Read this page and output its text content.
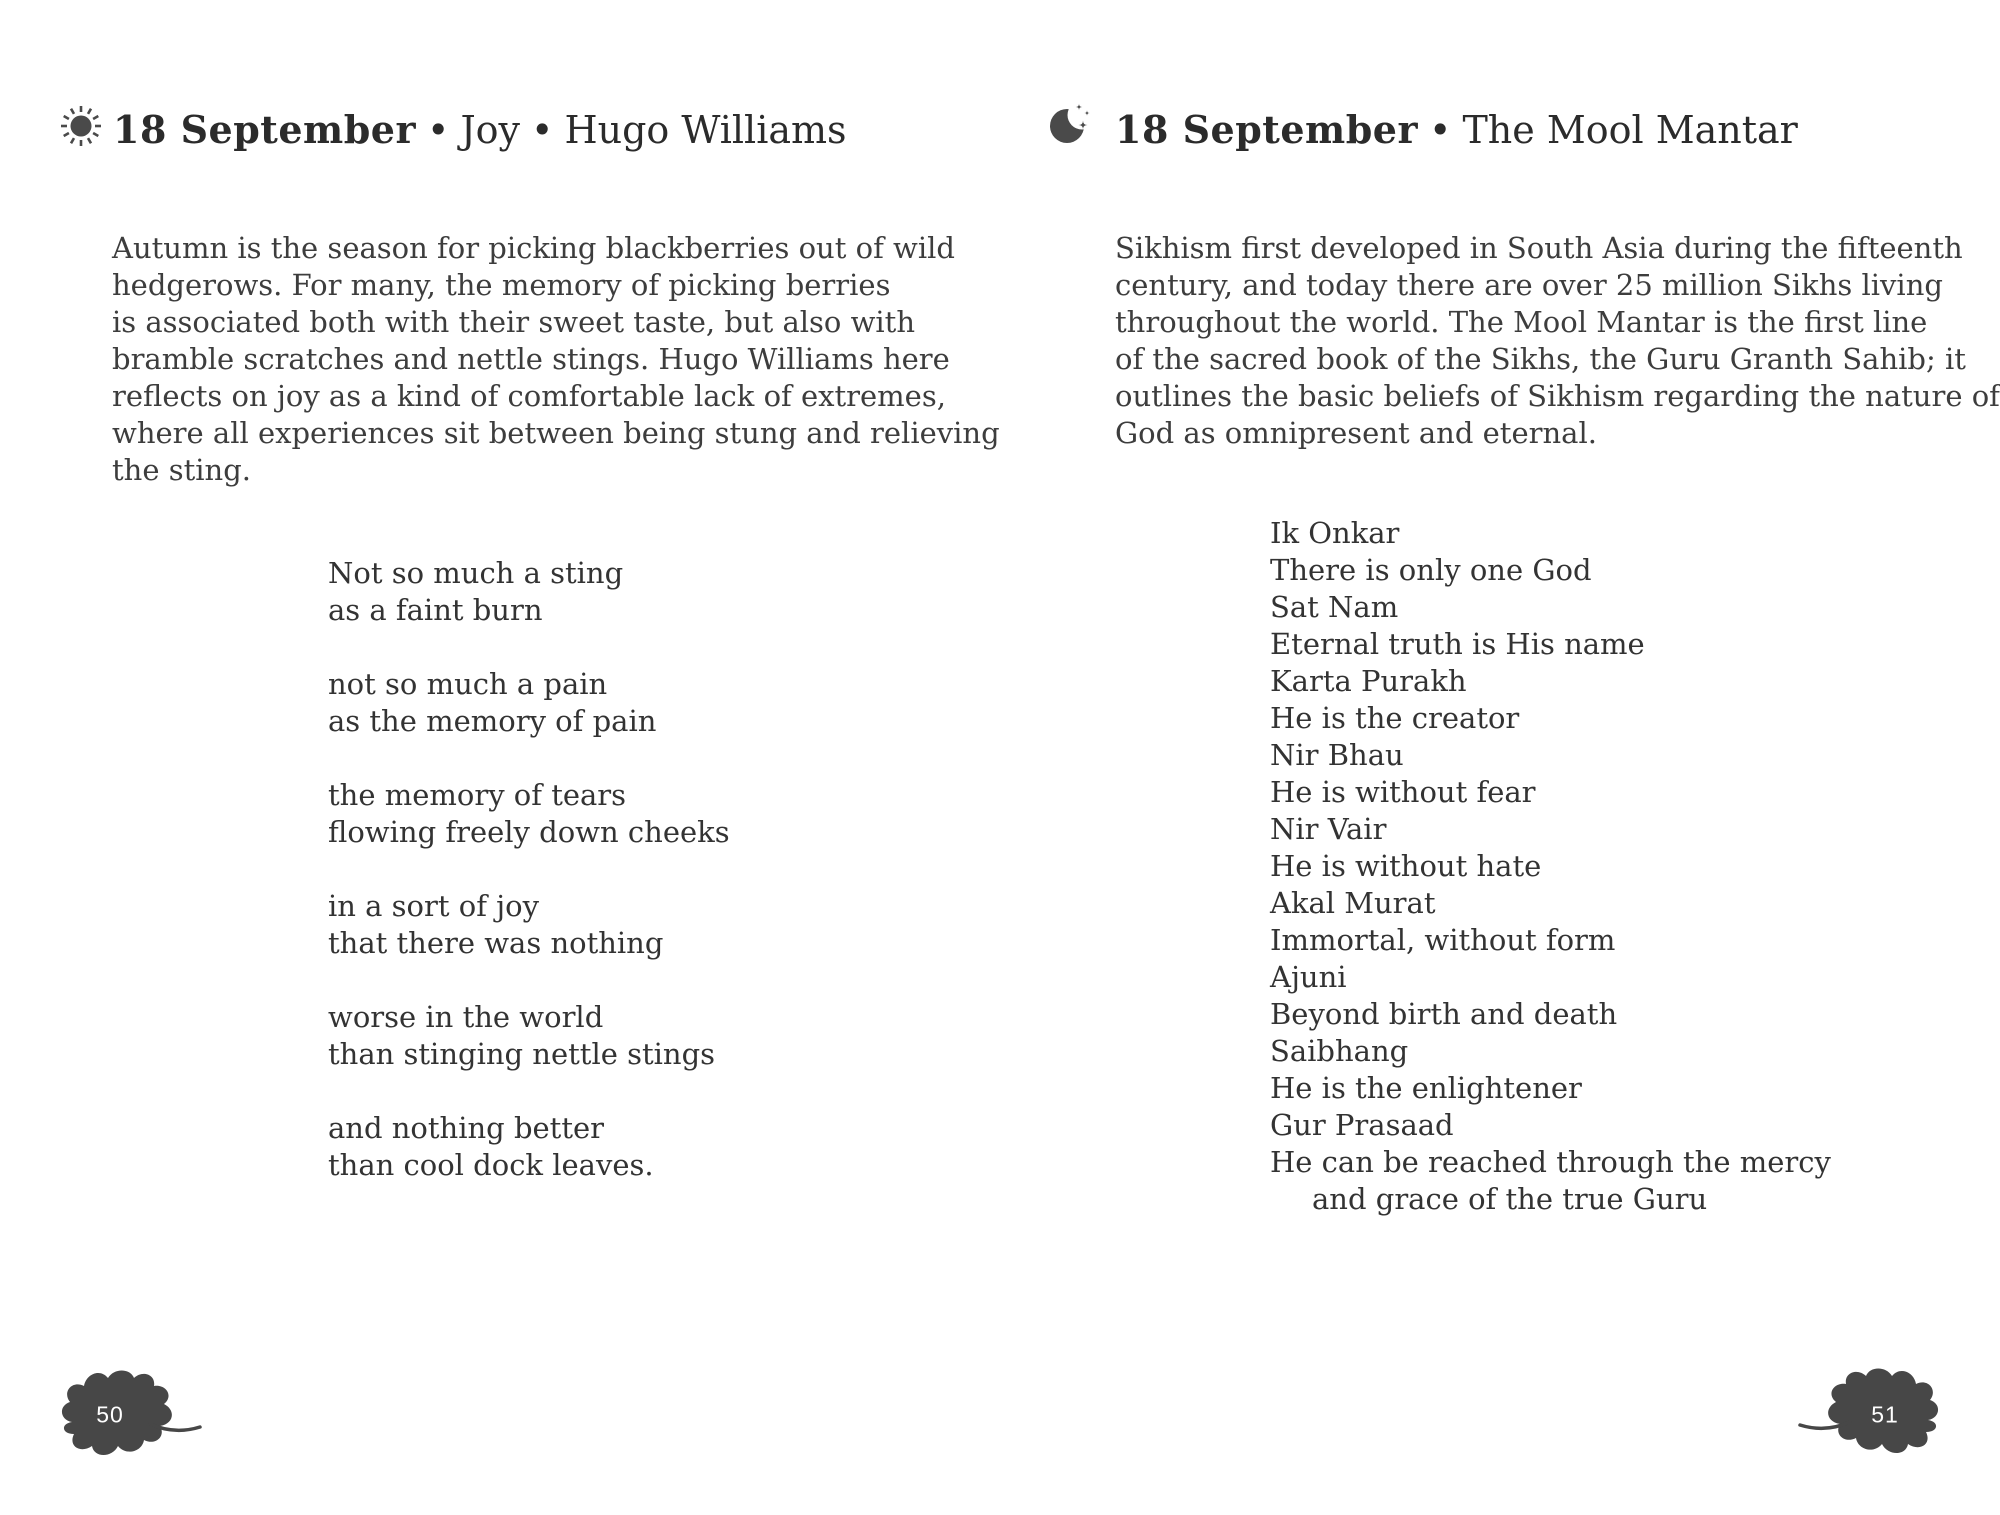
18 September • Joy • Hugo Williams
Autumn is the season for picking blackberries out of wild
hedgerows. For many, the memory of picking berries
is associated both with their sweet taste, but also with
bramble scratches and nettle stings. Hugo Williams here
reflects on joy as a kind of comfortable lack of extremes,
where all experiences sit between being stung and relieving
the sting.
Not so much a sting
as a faint burn
not so much a pain
as the memory of pain
the memory of tears
flowing freely down cheeks
in a sort of joy
that there was nothing
worse in the world
than stinging nettle stings
and nothing better
than cool dock leaves.
50
18 September • The Mool Mantar
Sikhism first developed in South Asia during the fifteenth
century, and today there are over 25 million Sikhs living
throughout the world. The Mool Mantar is the first line
of the sacred book of the Sikhs, the Guru Granth Sahib; it
outlines the basic beliefs of Sikhism regarding the nature of
God as omnipresent and eternal.
Ik Onkar
There is only one God
Sat Nam
Eternal truth is His name
Karta Purakh
He is the creator
Nir Bhau
He is without fear
Nir Vair
He is without hate
Akal Murat
Immortal, without form
Ajuni
Beyond birth and death
Saibhang
He is the enlightener
Gur Prasaad
He can be reached through the mercy
and grace of the true Guru
51
